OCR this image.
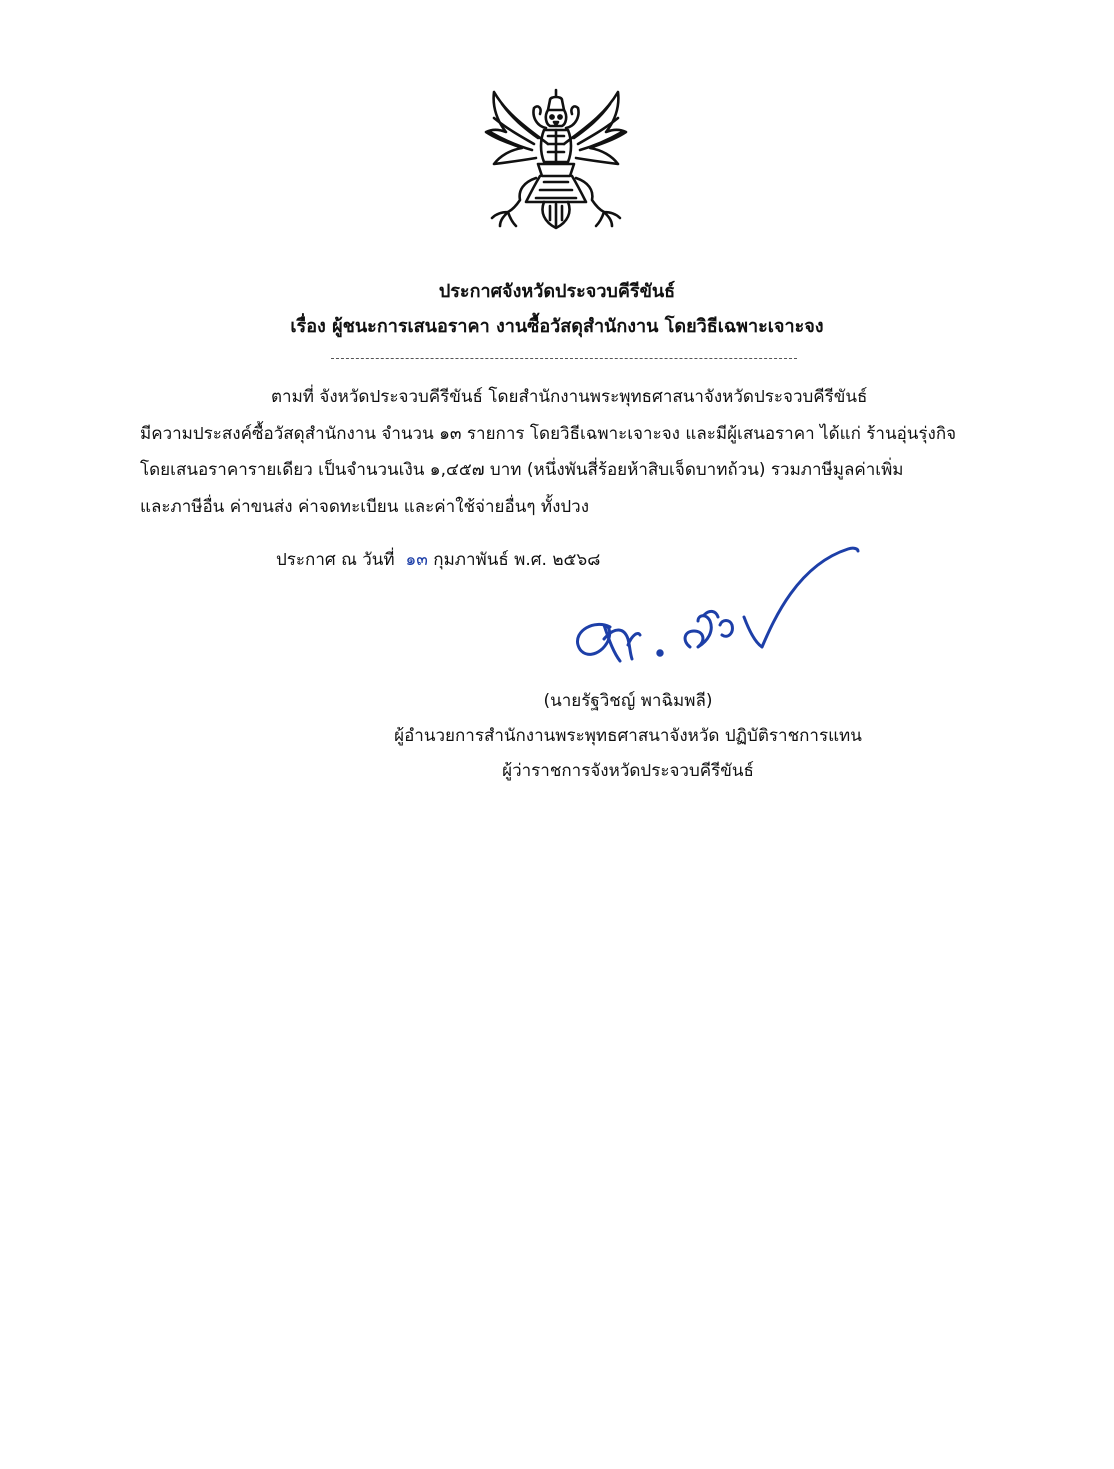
ประกาศจังหวัดประจวบคีรีขันธ์
เรื่อง ผู้ชนะการเสนอราคา งานซื้อวัสดุสำนักงาน โดยวิธีเฉพาะเจาะจง
ตามที่ จังหวัดประจวบคีรีขันธ์ โดยสำนักงานพระพุทธศาสนาจังหวัดประจวบคีรีขันธ์
มีความประสงค์ซื้อวัสดุสำนักงาน จำนวน ๑๓ รายการ โดยวิธีเฉพาะเจาะจง และมีผู้เสนอราคา ได้แก่ ร้านอุ่นรุ่งกิจ
โดยเสนอราคารายเดียว เป็นจำนวนเงิน ๑,๔๕๗ บาท (หนึ่งพันสี่ร้อยห้าสิบเจ็ดบาทถ้วน) รวมภาษีมูลค่าเพิ่ม
และภาษีอื่น ค่าขนส่ง ค่าจดทะเบียน และค่าใช้จ่ายอื่นๆ ทั้งปวง
ประกาศ ณ วันที่ ๑๓ กุมภาพันธ์ พ.ศ. ๒๕๖๘
(นายรัฐวิชญ์ พาฉิมพลี)
ผู้อำนวยการสำนักงานพระพุทธศาสนาจังหวัด ปฏิบัติราชการแทน
ผู้ว่าราชการจังหวัดประจวบคีรีขันธ์
